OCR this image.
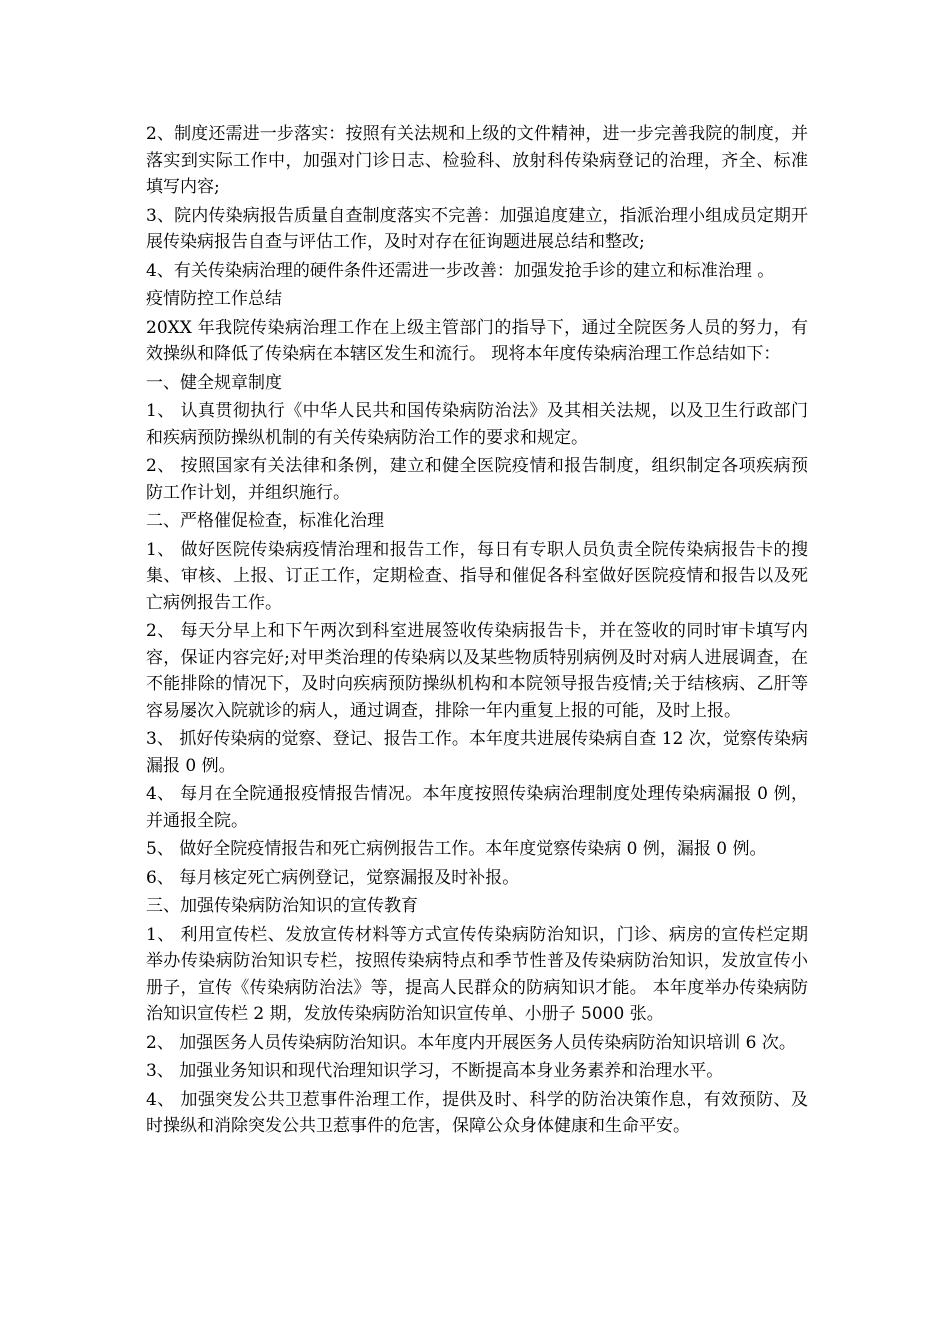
2、制度还需进一步落实：按照有关法规和上级的文件精神，进一步完善我院的制度，并落实到实际工作中，加强对门诊日志、检验科、放射科传染病登记的治理，齐全、标准填写内容;

3、院内传染病报告质量自查制度落实不完善：加强追度建立，指派治理小组成员定期开展传染病报告自查与评估工作，及时对存在征询题进展总结和整改;

4、有关传染病治理的硬件条件还需进一步改善：加强发抢手诊的建立和标准治理 。

疫情防控工作总结

20XX 年我院传染病治理工作在上级主管部门的指导下，通过全院医务人员的努力，有效操纵和降低了传染病在本辖区发生和流行。 现将本年度传染病治理工作总结如下：

一、健全规章制度

1、 认真贯彻执行《中华人民共和国传染病防治法》及其相关法规，以及卫生行政部门和疾病预防操纵机制的有关传染病防治工作的要求和规定。

2、 按照国家有关法律和条例，建立和健全医院疫情和报告制度，组织制定各项疾病预防工作计划，并组织施行。

二、严格催促检查，标准化治理

1、 做好医院传染病疫情治理和报告工作，每日有专职人员负责全院传染病报告卡的搜集、审核、上报、订正工作，定期检查、指导和催促各科室做好医院疫情和报告以及死亡病例报告工作。

2、 每天分早上和下午两次到科室进展签收传染病报告卡，并在签收的同时审卡填写内容，保证内容完好;对甲类治理的传染病以及某些物质特别病例及时对病人进展调查，在不能排除的情况下，及时向疾病预防操纵机构和本院领导报告疫情;关于结核病、乙肝等容易屡次入院就诊的病人，通过调查，排除一年内重复上报的可能，及时上报。

3、 抓好传染病的觉察、登记、报告工作。本年度共进展传染病自查 12 次，觉察传染病漏报 0 例。

4、 每月在全院通报疫情报告情况。本年度按照传染病治理制度处理传染病漏报 0 例，并通报全院。

5、 做好全院疫情报告和死亡病例报告工作。本年度觉察传染病 0 例，漏报 0 例。

6、 每月核定死亡病例登记，觉察漏报及时补报。

三、加强传染病防治知识的宣传教育

1、 利用宣传栏、发放宣传材料等方式宣传传染病防治知识，门诊、病房的宣传栏定期举办传染病防治知识专栏，按照传染病特点和季节性普及传染病防治知识，发放宣传小册子，宣传《传染病防治法》等，提高人民群众的防病知识才能。 本年度举办传染病防治知识宣传栏 2 期，发放传染病防治知识宣传单、小册子 5000 张。

2、 加强医务人员传染病防治知识。本年度内开展医务人员传染病防治知识培训 6 次。

3、 加强业务知识和现代治理知识学习，不断提高本身业务素养和治理水平。

4、 加强突发公共卫惹事件治理工作，提供及时、科学的防治决策作息，有效预防、及时操纵和消除突发公共卫惹事件的危害，保障公众身体健康和生命平安。
